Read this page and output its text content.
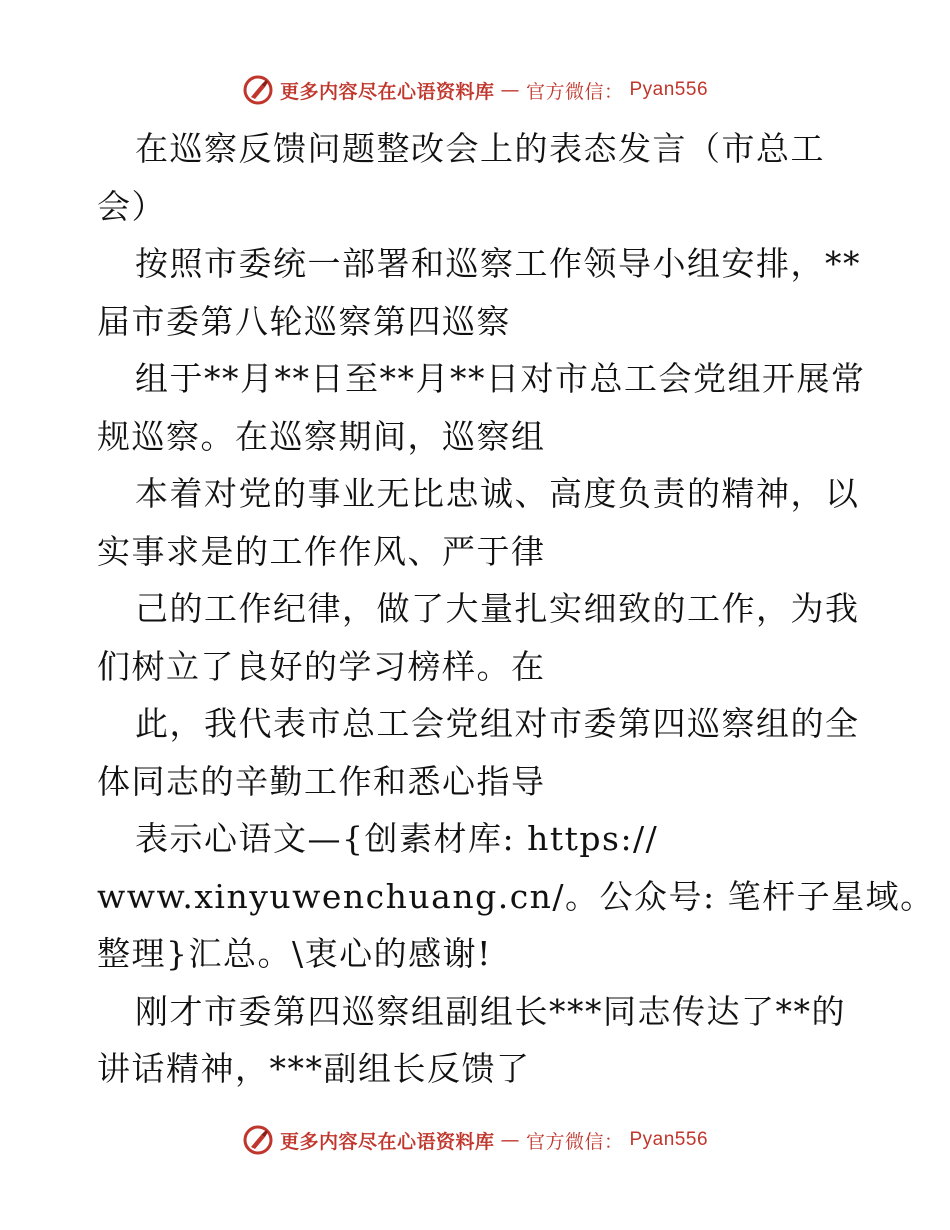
更多内容尽在心语资料库 — 官方微信： Pyan556

在巡察反馈问题整改会上的表态发言（市总工
会）
按照市委统一部署和巡察工作领导小组安排，**
届市委第八轮巡察第四巡察
组于**月**日至**月**日对市总工会党组开展常
规巡察。在巡察期间，巡察组
本着对党的事业无比忠诚、高度负责的精神，以
实事求是的工作作风、严于律
己的工作纪律，做了大量扎实细致的工作，为我
们树立了良好的学习榜样。在
此，我代表市总工会党组对市委第四巡察组的全
体同志的辛勤工作和悉心指导
表示心语文—{创素材库: https://
www.xinyuwenchuang.cn/。公众号: 笔杆子星域。
整理}汇总。\衷心的感谢!
刚才市委第四巡察组副组长***同志传达了**的
讲话精神，***副组长反馈了

更多内容尽在心语资料库 — 官方微信： Pyan556
